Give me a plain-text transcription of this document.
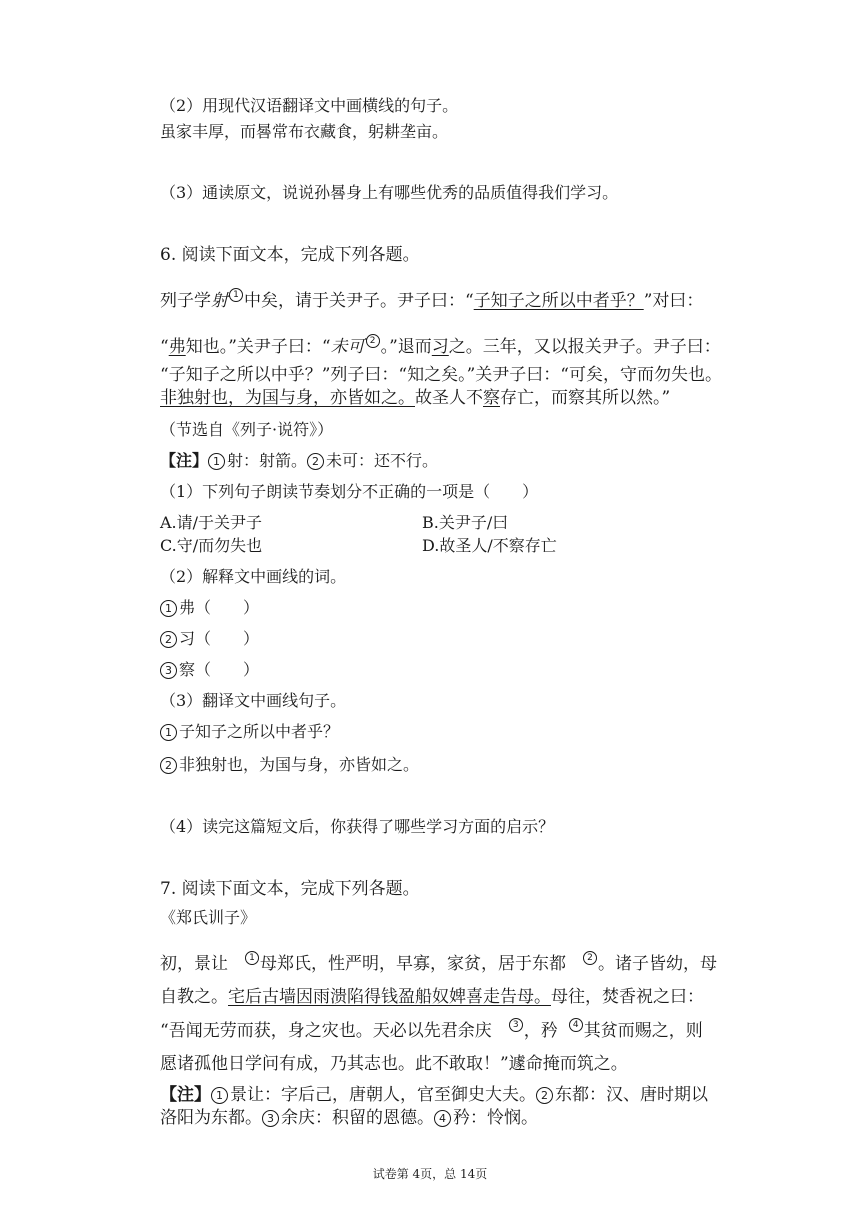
（2）用现代汉语翻译文中画横线的句子。
虽家丰厚，而晷常布衣藏食，躬耕垄亩。
（3）通读原文，说说孙晷身上有哪些优秀的品质值得我们学习。
6. 阅读下面文本，完成下列各题。
列子学射 1 中矣，请于关尹子。尹子曰：“子知子之所以中者乎？”对曰：
“弗知也。”关尹子曰：“未可 2 。”退而习之。三年，又以报关尹子。尹子曰：
“子知子之所以中乎？”列子曰：“知之矣。”关尹子曰：“可矣，守而勿失也。
非独射也，为国与身，亦皆如之。故圣人不察存亡，而察其所以然。”
（节选自《列子·说符》）
【注】 1 射：射箭。 2 未可：还不行。
（1）下列句子朗读节奏划分不正确的一项是（　　）
A.请/于关尹子	B.关尹子/曰
C.守/而勿失也	D.故圣人/不察存亡
（2）解释文中画线的词。
1 弗（　　）
2 习（　　）
3 察（　　）
（3）翻译文中画线句子。
1 子知子之所以中者乎？
2 非独射也，为国与身，亦皆如之。
（4）读完这篇短文后，你获得了哪些学习方面的启示？
7. 阅读下面文本，完成下列各题。
《郑氏训子》
初，景让 1 母郑氏，性严明，早寡，家贫，居于东都 2 。诸子皆幼，母
自教之。宅后古墙因雨溃陷得钱盈船奴婢喜走告母。母往，焚香祝之曰：
“吾闻无劳而获，身之灾也。天必以先君余庆 3 ，矜 4 其贫而赐之，则
愿诸孤他日学问有成，乃其志也。此不敢取！”遽命掩而筑之。
【注】 1 景让：字后己，唐朝人，官至御史大夫。 2 东都：汉、唐时期以
洛阳为东都。 3 余庆：积留的恩德。 4 矜：怜悯。
试卷第 4页，总 14页
